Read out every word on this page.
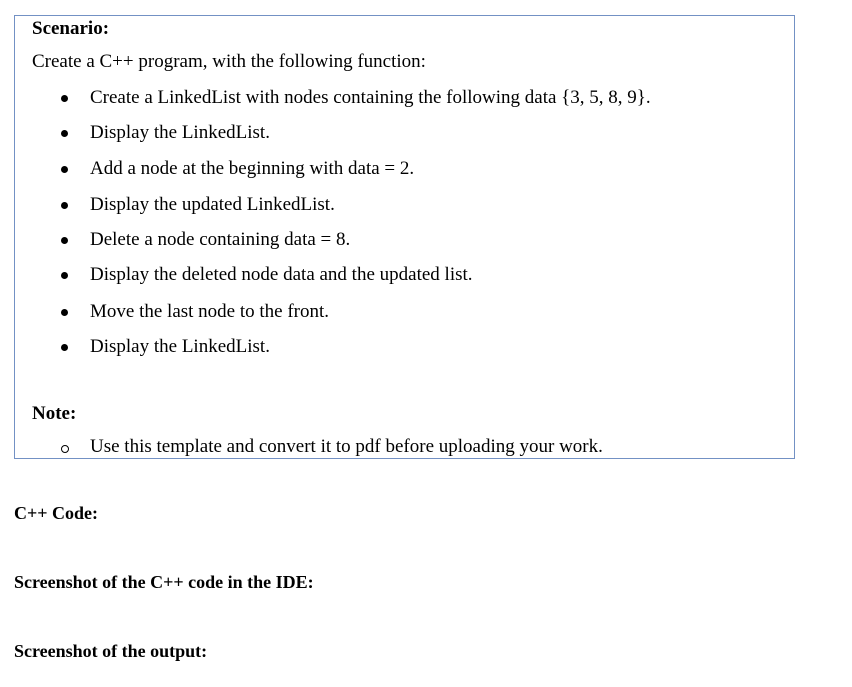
Scenario:
Create a C++ program, with the following function:
Create a LinkedList with nodes containing the following data {3, 5, 8, 9}.
Display the LinkedList.
Add a node at the beginning with data = 2.
Display the updated LinkedList.
Delete a node containing data = 8.
Display the deleted node data and the updated list.
Move the last node to the front.
Display the LinkedList.
Note:
Use this template and convert it to pdf before uploading your work.
C++ Code:
Screenshot of the C++ code in the IDE:
Screenshot of the output:
